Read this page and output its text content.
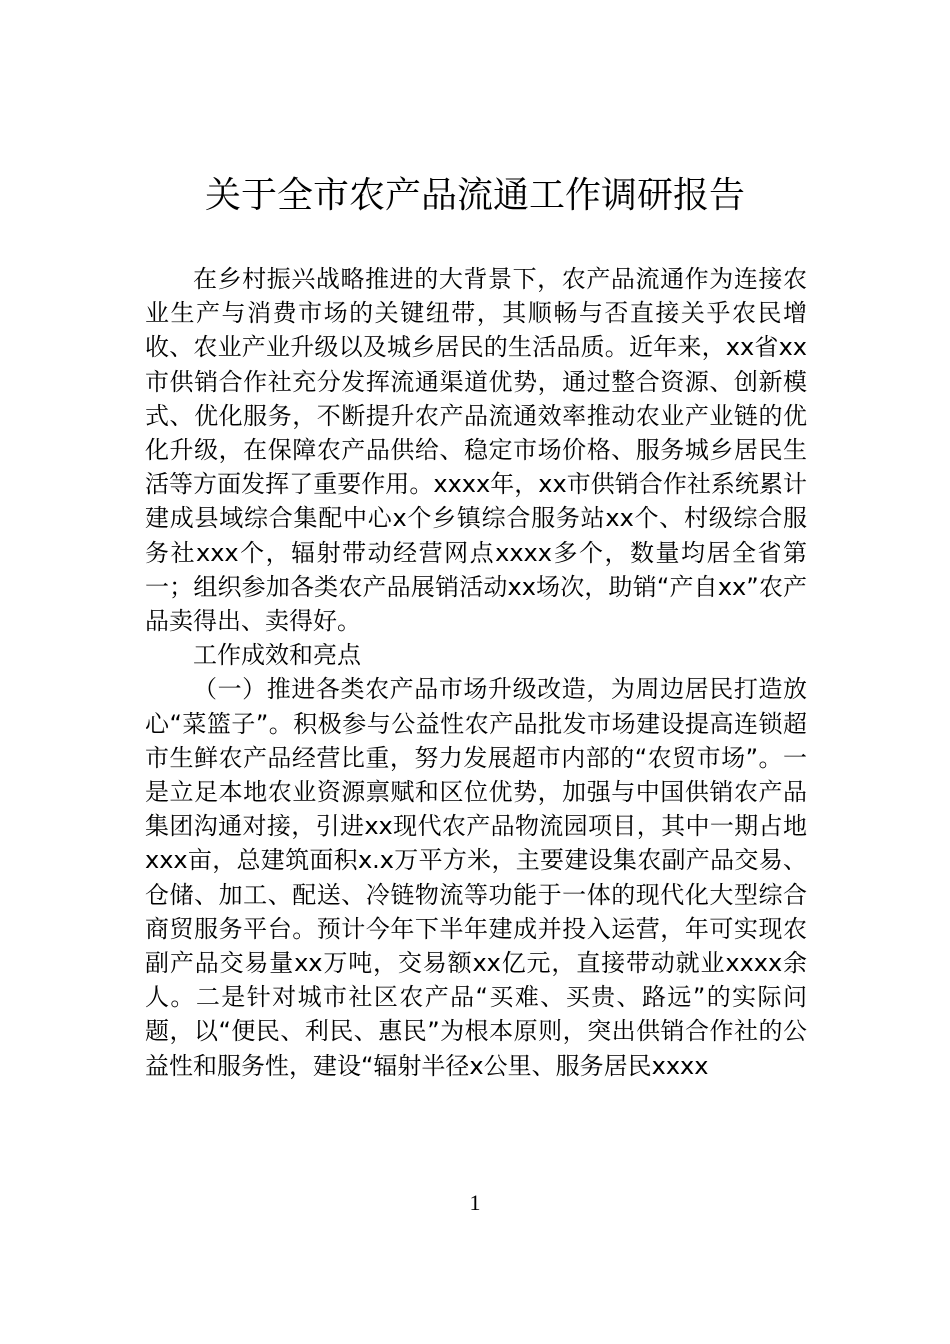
关于全市农产品流通工作调研报告

在乡村振兴战略推进的大背景下，农产品流通作为连接农业生产与消费市场的关键纽带，其顺畅与否直接关乎农民增收、农业产业升级以及城乡居民的生活品质。近年来，xx省xx市供销合作社充分发挥流通渠道优势，通过整合资源、创新模式、优化服务，不断提升农产品流通效率推动农业产业链的优化升级，在保障农产品供给、稳定市场价格、服务城乡居民生活等方面发挥了重要作用。xxxx年，xx市供销合作社系统累计建成县域综合集配中心x个乡镇综合服务站xx个、村级综合服务社xxx个，辐射带动经营网点xxxx多个，数量均居全省第一；组织参加各类农产品展销活动xx场次，助销“产自xx”农产品卖得出、卖得好。

工作成效和亮点

（一）推进各类农产品市场升级改造，为周边居民打造放心“菜篮子”。积极参与公益性农产品批发市场建设提高连锁超市生鲜农产品经营比重，努力发展超市内部的“农贸市场”。一是立足本地农业资源禀赋和区位优势，加强与中国供销农产品集团沟通对接，引进xx现代农产品物流园项目，其中一期占地xxx亩，总建筑面积x.x万平方米，主要建设集农副产品交易、仓储、加工、配送、冷链物流等功能于一体的现代化大型综合商贸服务平台。预计今年下半年建成并投入运营，年可实现农副产品交易量xx万吨，交易额xx亿元，直接带动就业xxxx余人。二是针对城市社区农产品“买难、买贵、路远”的实际问题，以“便民、利民、惠民”为根本原则，突出供销合作社的公益性和服务性，建设“辐射半径x公里、服务居民xxxx

1
